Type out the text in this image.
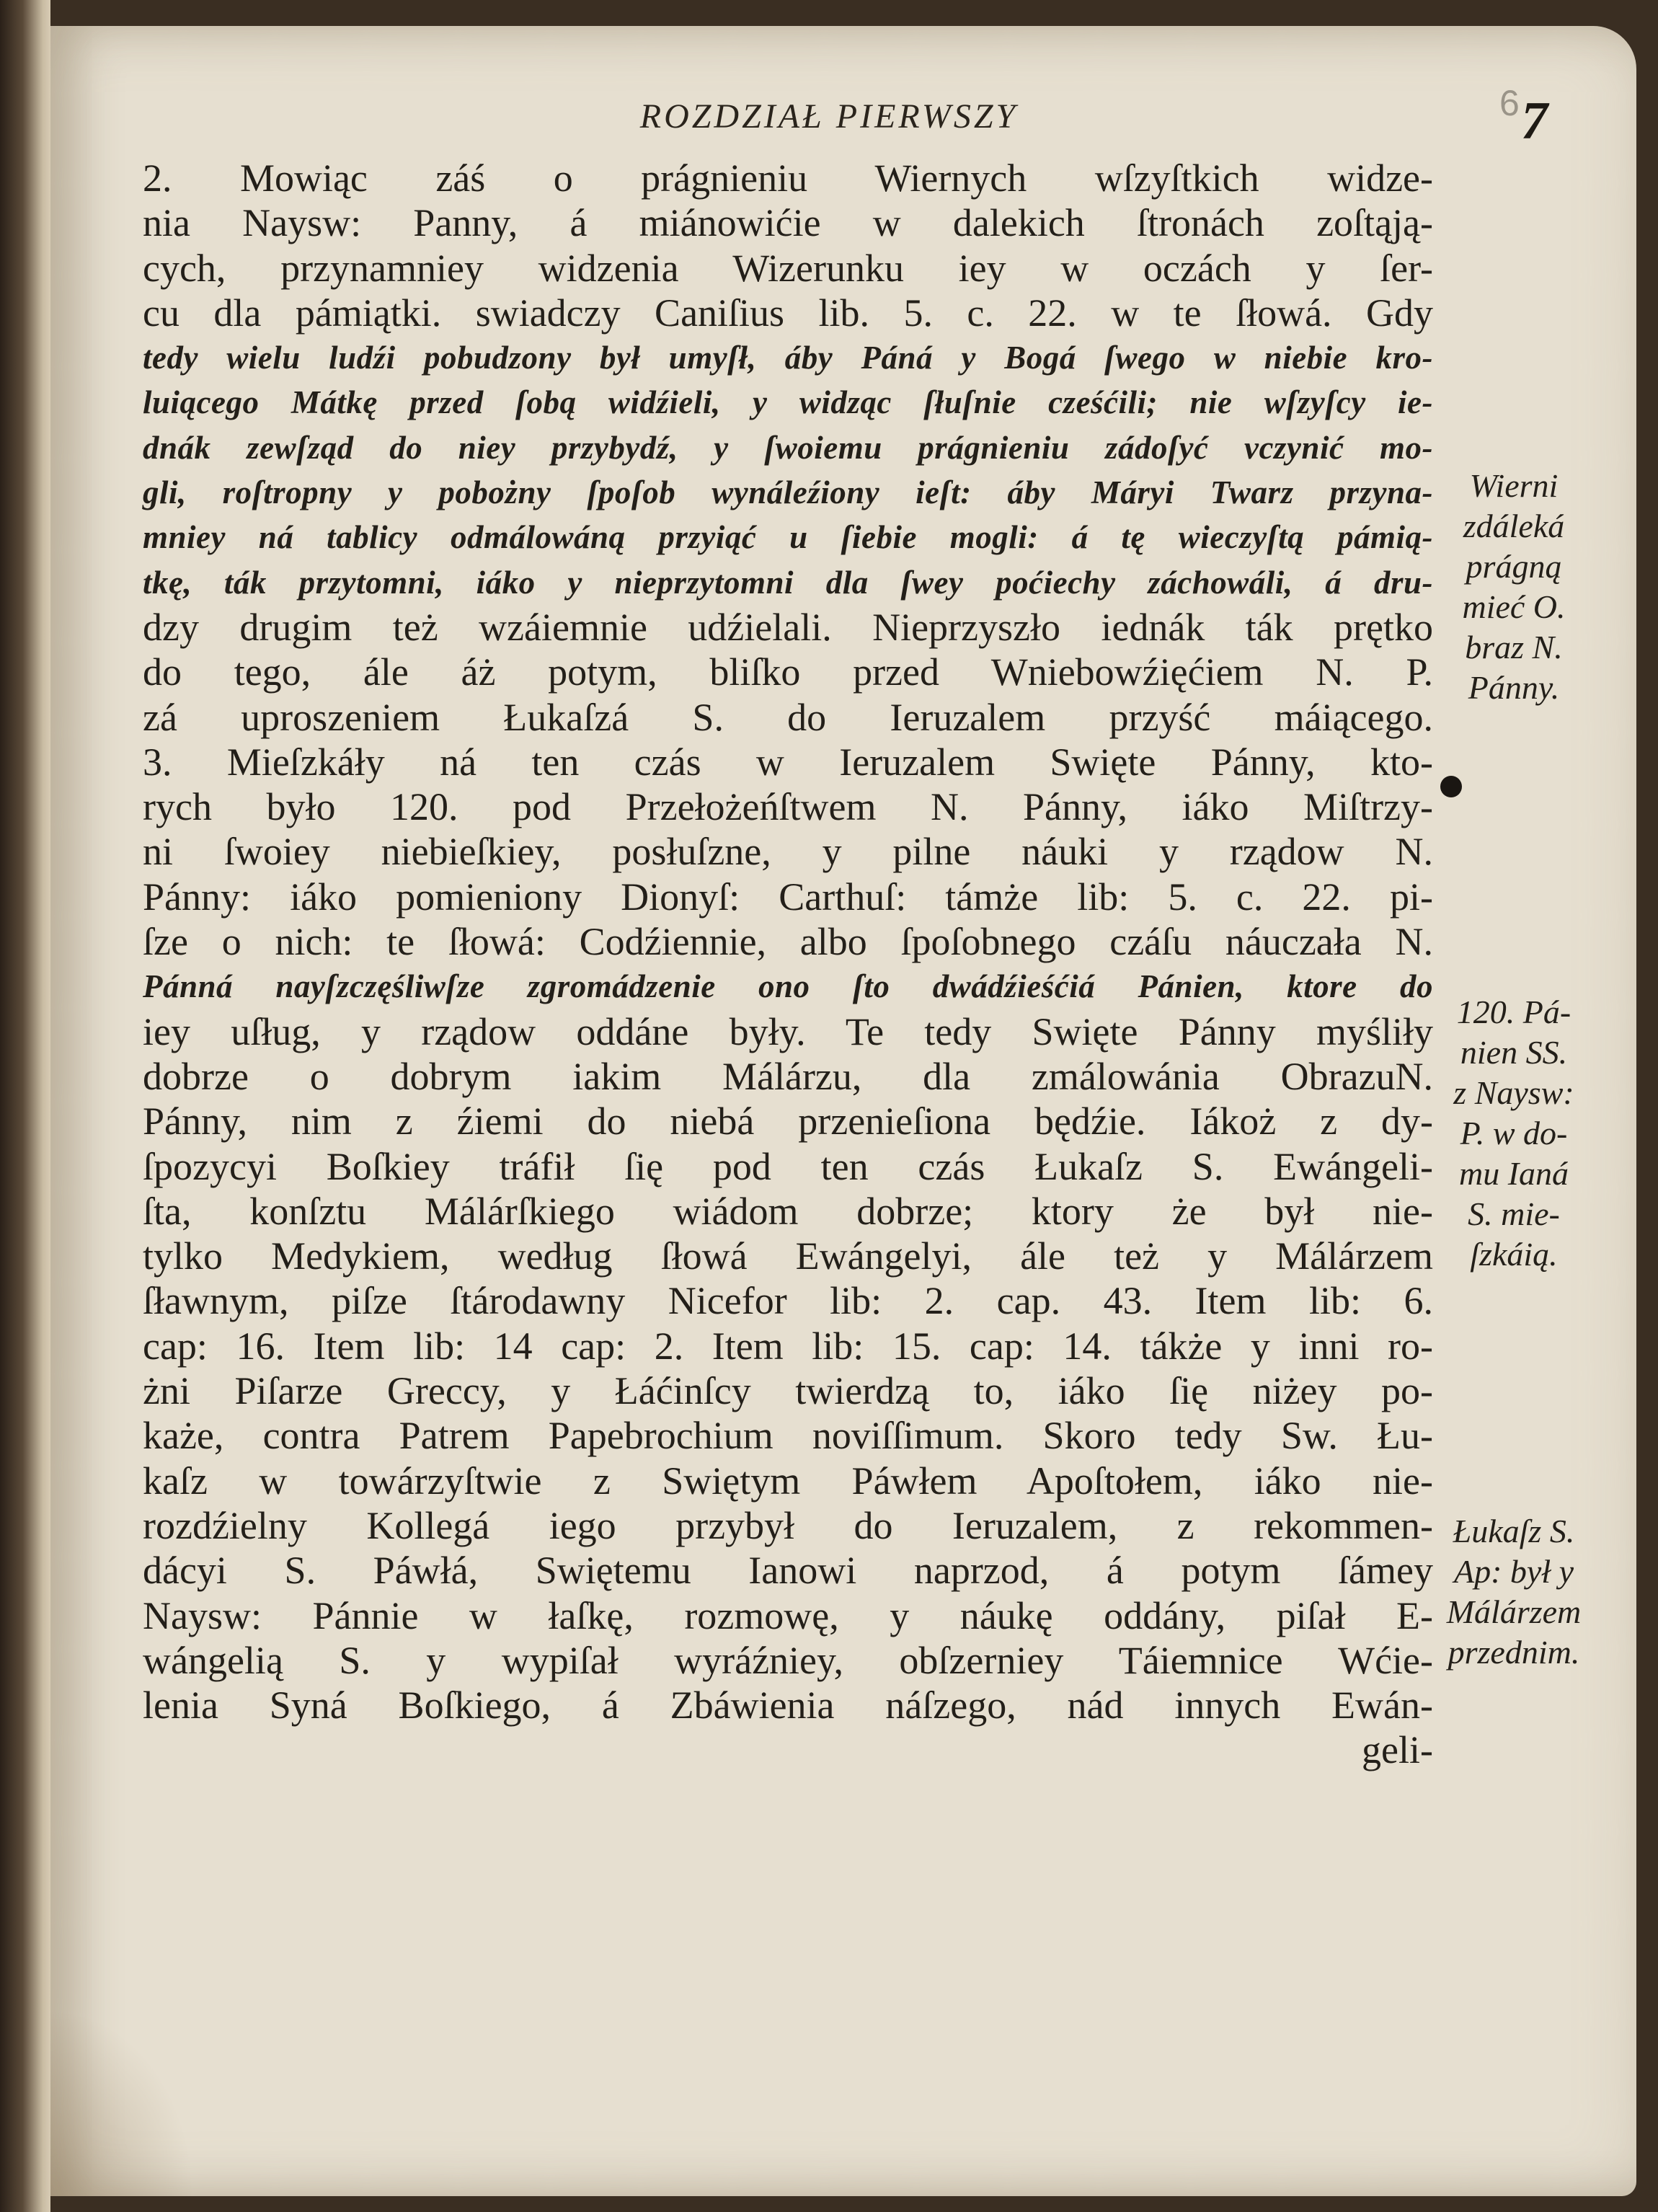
ROZDZIAŁ PIERWSZY	6 7
2. Mowiąc záś o prágnieniu Wiernych wſzyſtkich widze-
nia Naysw: Panny, á miánowićie w dalekich ſtronách zoſtąją-
cych, przynamniey widzenia Wizerunku iey w oczách y ſer-
cu dla pámiątki. swiadczy Caniſius lib. 5. c. 22. w te ſłowá. Gdy
tedy wielu ludźi pobudzony był umyſł, áby Páná y Bogá ſwego w niebie kro-
luiącego Mátkę przed ſobą widźieli, y widząc ſłuſnie cześćili; nie wſzyſcy ie-
dnák zewſząd do niey przybydź, y ſwoiemu prágnieniu zádoſyć vczynić mo-
gli, roſtropny y pobożny ſpoſob wynáleźiony ieſt: áby Máryi Twarz przyna-
mniey ná tablicy odmálowáną przyiąć u ſiebie mogli: á tę wieczyſtą pámią-
tkę, ták przytomni, iáko y nieprzytomni dla ſwey poćiechy záchowáli, á dru-
dzy drugim też wzáiemnie udźielali. Nieprzyszło iednák ták prętko
do tego, ále áż potym, bliſko przed Wniebowźięćiem N. P.
zá uproszeniem Łukaſzá S. do Ieruzalem przyść máiącego.
3. Mieſzkáły ná ten czás w Ieruzalem Swięte Pánny, kto-
rych było 120. pod Przełożeńſtwem N. Pánny, iáko Miſtrzy-
ni ſwoiey niebieſkiey, posłuſzne, y pilne náuki y rządow N.
Pánny: iáko pomieniony Dionyſ: Carthuſ: támże lib: 5. c. 22. pi-
ſze o nich: te ſłowá: Codźiennie, albo ſpoſobnego czáſu náuczała N.
Pánná nayſzczęśliwſze zgromádzenie ono ſto dwádźieśćiá Pánien, ktore do
iey uſług, y rządow oddáne były. Te tedy Swięte Pánny myśliły
dobrze o dobrym iakim Málárzu, dla zmálowánia ObrazuN.
Pánny, nim z źiemi do niebá przenieſiona będźie. Iákoż z dy-
ſpozycyi Boſkiey tráfił ſię pod ten czás Łukaſz S. Ewángeli-
ſta, konſztu Málárſkiego wiádom dobrze; ktory że był nie-
tylko Medykiem, według ſłowá Ewángelyi, ále też y Málárzem
ſławnym, piſze ſtárodawny Nicefor lib: 2. cap. 43. Item lib: 6.
cap: 16. Item lib: 14 cap: 2. Item lib: 15. cap: 14. tákże y inni ro-
żni Piſarze Greccy, y Łáćinſcy twierdzą to, iáko ſię niżey po-
każe, contra Patrem Papebrochium noviſſimum. Skoro tedy Sw. Łu-
kaſz w towárzyſtwie z Swiętym Páwłem Apoſtołem, iáko nie-
rozdźielny Kollegá iego przybył do Ieruzalem, z rekommen-
dácyi S. Páwłá, Swiętemu Ianowi naprzod, á potym ſámey
Naysw: Pánnie w łaſkę, rozmowę, y náukę oddány, piſał E-
wángelią S. y wypiſał wyráźniey, obſzerniey Táiemnice Wćie-
lenia Syná Boſkiego, á Zbáwienia náſzego, nád innych Ewán-
geli-
Wierni
zdáleká
prágną
mieć O.
braz N.
Pánny.
120. Pá-
nien SS.
z Naysw:
P. w do-
mu Ianá
S. mie-
ſzkáią.
Łukaſz S.
Ap: był y
Málárzem
przednim.
